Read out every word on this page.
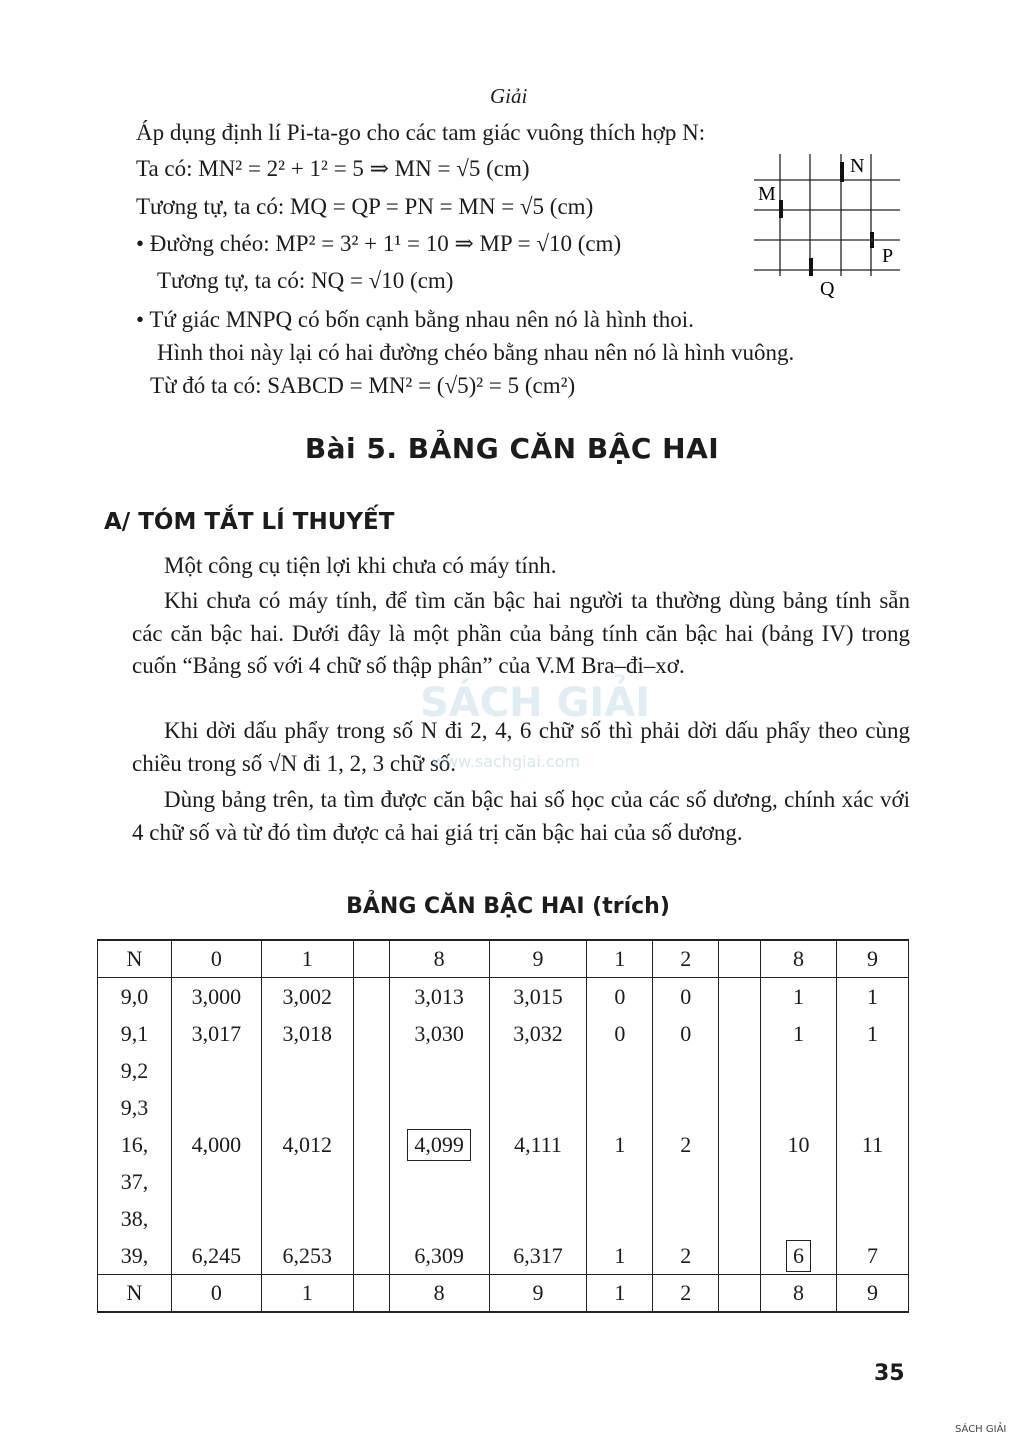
Giải
Áp dụng định lí Pi-ta-go cho các tam giác vuông thích hợp N:
Ta có: MN² = 2² + 1² = 5 ⇒ MN = √5 (cm)
Tương tự, ta có: MQ = QP = PN = MN = √5 (cm)
• Đường chéo: MP² = 3² + 1¹ = 10 ⇒ MP = √10 (cm)
Tương tự, ta có: NQ = √10 (cm)
• Tứ giác MNPQ có bốn cạnh bằng nhau nên nó là hình thoi.
Hình thoi này lại có hai đường chéo bằng nhau nên nó là hình vuông.
Từ đó ta có: SABCD = MN² = (√5)² = 5 (cm²)
M
N
P
Q
Bài 5. BẢNG CĂN BẬC HAI
A/ TÓM TẮT LÍ THUYẾT
Một công cụ tiện lợi khi chưa có máy tính.
Khi chưa có máy tính, để tìm căn bậc hai người ta thường dùng bảng tính sẵn các căn bậc hai. Dưới đây là một phần của bảng tính căn bậc hai (bảng IV) trong cuốn “Bảng số với 4 chữ số thập phân” của V.M Bra–đi–xơ.
Khi dời dấu phẩy trong số N đi 2, 4, 6 chữ số thì phải dời dấu phẩy theo cùng chiều trong số √N đi 1, 2, 3 chữ số.
Dùng bảng trên, ta tìm được căn bậc hai số học của các số dương, chính xác với 4 chữ số và từ đó tìm được cả hai giá trị căn bậc hai của số dương.
SÁCH GIẢI
www.sachgiai.com
BẢNG CĂN BẬC HAI (trích)
N	0	1		8	9	1	2		8	9
9,0	3,000	3,002		3,013	3,015	0	0		1	1
9,1	3,017	3,018		3,030	3,032	0	0		1	1
9,2										
9,3										
16,	4,000	4,012		4,099	4,111	1	2		10	11
37,										
38,										
39,	6,245	6,253		6,309	6,317	1	2		6	7
N	0	1		8	9	1	2		8	9
35
SÁCH GIẢI
